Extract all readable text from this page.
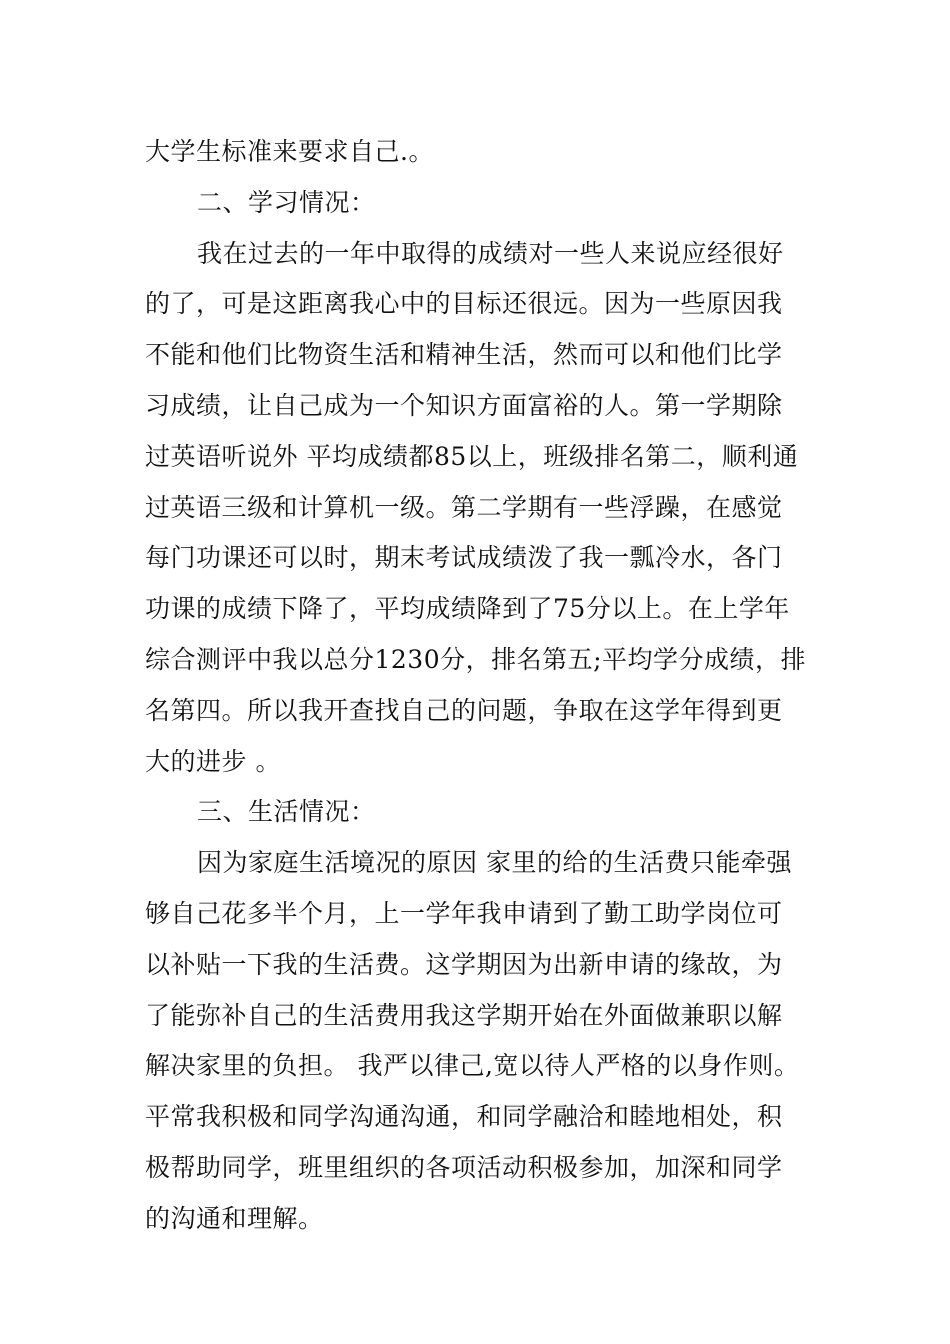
大学生标准来要求自己.。
二、学习情况：
我在过去的一年中取得的成绩对一些人来说应经很好
的了，可是这距离我心中的目标还很远。因为一些原因我
不能和他们比物资生活和精神生活，然而可以和他们比学
习成绩，让自己成为一个知识方面富裕的人。第一学期除
过英语听说外 平均成绩都85以上，班级排名第二，顺利通
过英语三级和计算机一级。第二学期有一些浮躁，在感觉
每门功课还可以时，期末考试成绩泼了我一瓢冷水，各门
功课的成绩下降了，平均成绩降到了75分以上。在上学年
综合测评中我以总分1230分，排名第五;平均学分成绩，排
名第四。所以我开查找自己的问题，争取在这学年得到更
大的进步 。
三、生活情况：
因为家庭生活境况的原因 家里的给的生活费只能牵强
够自己花多半个月，上一学年我申请到了勤工助学岗位可
以补贴一下我的生活费。这学期因为出新申请的缘故，为
了能弥补自己的生活费用我这学期开始在外面做兼职以解
解决家里的负担。 我严以律己,宽以待人严格的以身作则。
平常我积极和同学沟通沟通，和同学融洽和睦地相处，积
极帮助同学，班里组织的各项活动积极参加，加深和同学
的沟通和理解。
